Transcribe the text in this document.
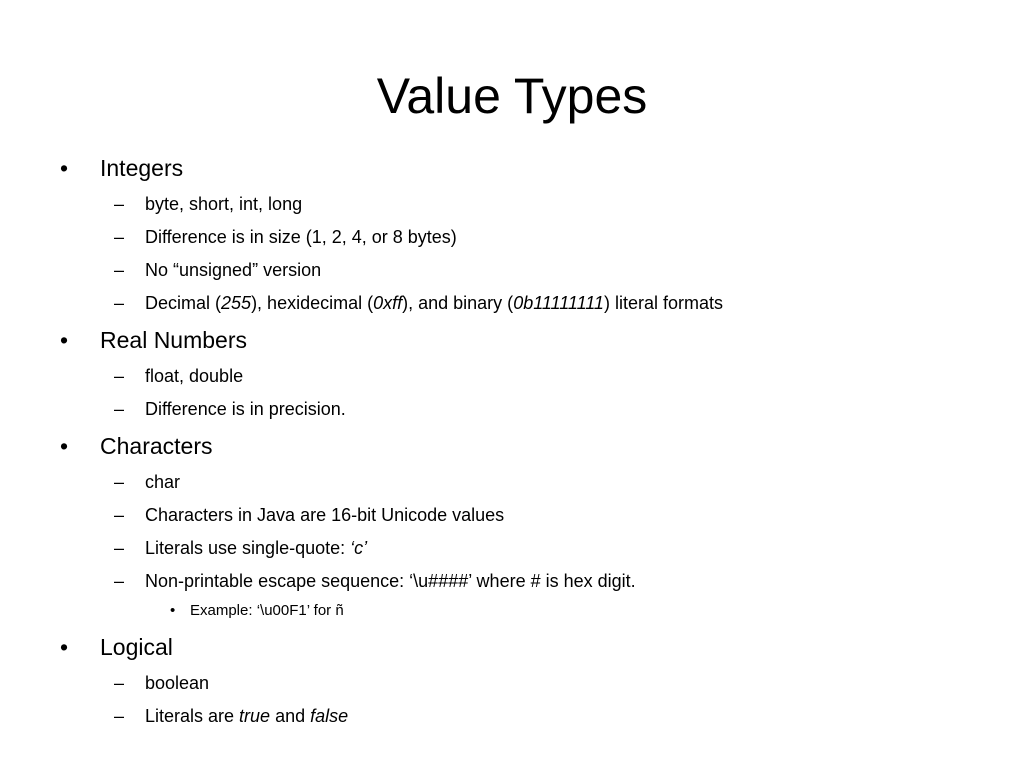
Value Types
• Integers
– byte, short, int, long
– Difference is in size (1, 2, 4, or 8 bytes)
– No “unsigned” version
– Decimal (255), hexidecimal (0xff), and binary (0b11111111) literal formats
• Real Numbers
– float, double
– Difference is in precision.
• Characters
– char
– Characters in Java are 16-bit Unicode values
– Literals use single-quote: ‘c’
– Non-printable escape sequence: ‘\u####’ where # is hex digit.
• Example: ‘\u00F1’ for ñ
• Logical
– boolean
– Literals are true and false
